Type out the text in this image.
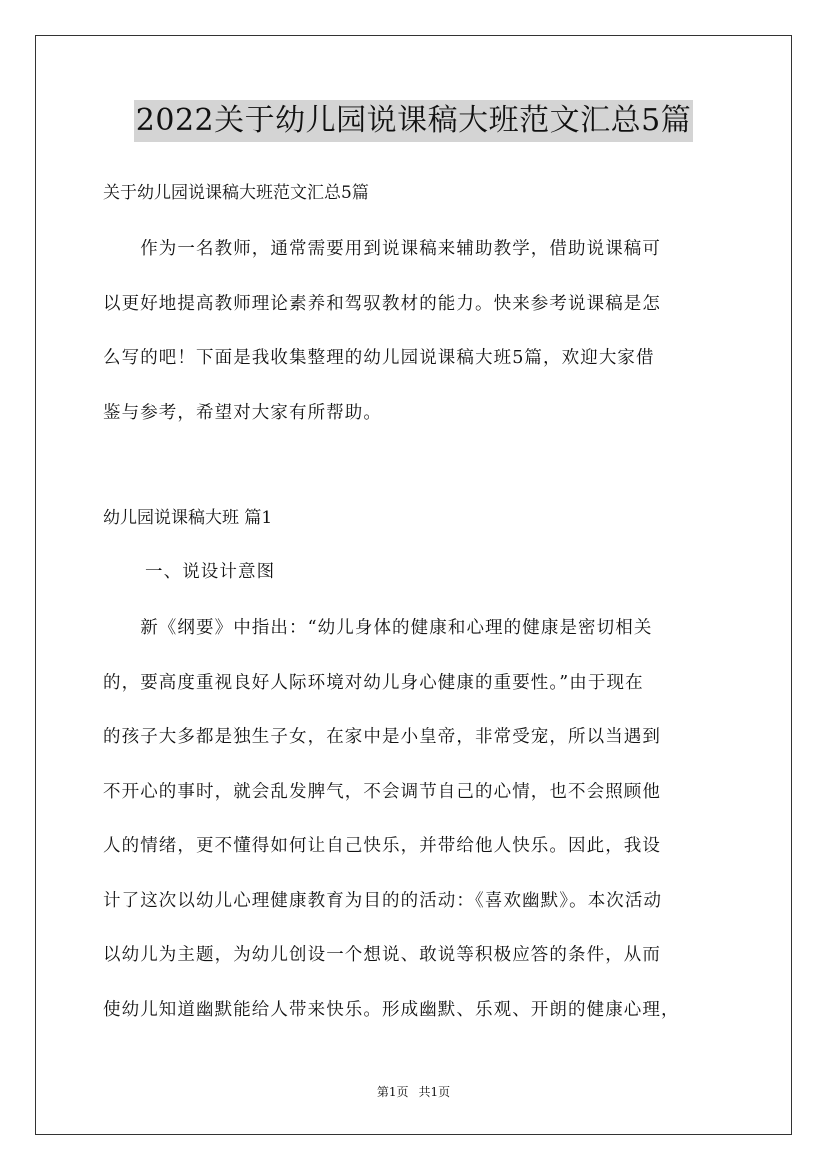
2022关于幼儿园说课稿大班范文汇总5篇
关于幼儿园说课稿大班范文汇总5篇

　　作为一名教师，通常需要用到说课稿来辅助教学，借助说课稿可
以更好地提高教师理论素养和驾驭教材的能力。快来参考说课稿是怎
么写的吧！下面是我收集整理的幼儿园说课稿大班5篇，欢迎大家借
鉴与参考，希望对大家有所帮助。

幼儿园说课稿大班 篇1
一、说设计意图

　　新《纲要》中指出：“幼儿身体的健康和心理的健康是密切相关
的，要高度重视良好人际环境对幼儿身心健康的重要性。”由于现在
的孩子大多都是独生子女，在家中是小皇帝，非常受宠，所以当遇到
不开心的事时，就会乱发脾气，不会调节自己的心情，也不会照顾他
人的情绪，更不懂得如何让自己快乐，并带给他人快乐。因此，我设
计了这次以幼儿心理健康教育为目的的活动：《喜欢幽默》。本次活动
以幼儿为主题，为幼儿创设一个想说、敢说等积极应答的条件，从而
使幼儿知道幽默能给人带来快乐。形成幽默、乐观、开朗的健康心理，

第1页 共1页
